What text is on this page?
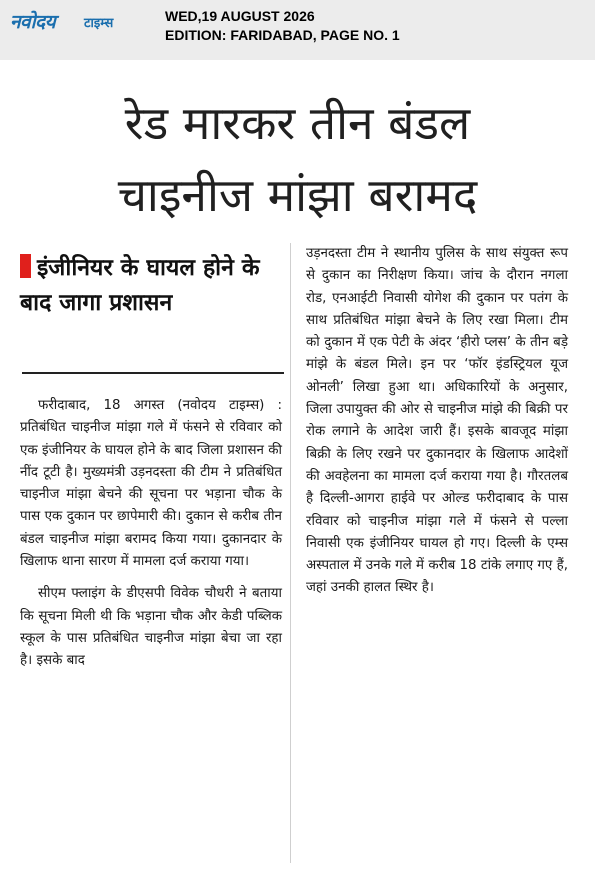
नवोदय टाइम्स	WED,19 AUGUST 2026
EDITION: FARIDABAD, PAGE NO. 1
रेड मारकर तीन बंडल
चाइनीज मांझा बरामद
इंजीनियर के घायल होने के बाद जागा प्रशासन

फरीदाबाद, 18 अगस्त (नवोदय टाइम्स) : प्रतिबंधित चाइनीज मांझा गले में फंसने से रविवार को एक इंजीनियर के घायल होने के बाद जिला प्रशासन की नींद टूटी है। मुख्यमंत्री उड़नदस्ता की टीम ने प्रतिबंधित चाइनीज मांझा बेचने की सूचना पर भड़ाना चौक के पास एक दुकान पर छापेमारी की। दुकान से करीब तीन बंडल चाइनीज मांझा बरामद किया गया। दुकानदार के खिलाफ थाना सारण में मामला दर्ज कराया गया।

सीएम फ्लाइंग के डीएसपी विवेक चौधरी ने बताया कि सूचना मिली थी कि भड़ाना चौक और केडी पब्लिक स्कूल के पास प्रतिबंधित चाइनीज मांझा बेचा जा रहा है। इसके बाद

उड़नदस्ता टीम ने स्थानीय पुलिस के साथ संयुक्त रूप से दुकान का निरीक्षण किया। जांच के दौरान नगला रोड, एनआईटी निवासी योगेश की दुकान पर पतंग के साथ प्रतिबंधित मांझा बेचने के लिए रखा मिला। टीम को दुकान में एक पेटी के अंदर ‘हीरो प्लस’ के तीन बड़े मांझे के बंडल मिले। इन पर ‘फॉर इंडस्ट्रियल यूज ओनली’ लिखा हुआ था। अधिकारियों के अनुसार, जिला उपायुक्त की ओर से चाइनीज मांझे की बिक्री पर रोक लगाने के आदेश जारी हैं। इसके बावजूद मांझा बिक्री के लिए रखने पर दुकानदार के खिलाफ आदेशों की अवहेलना का मामला दर्ज कराया गया है। गौरतलब है दिल्ली-आगरा हाईवे पर ओल्ड फरीदाबाद के पास रविवार को चाइनीज मांझा गले में फंसने से पल्ला निवासी एक इंजीनियर घायल हो गए। दिल्ली के एम्स अस्पताल में उनके गले में करीब 18 टांके लगाए गए हैं, जहां उनकी हालत स्थिर है।
